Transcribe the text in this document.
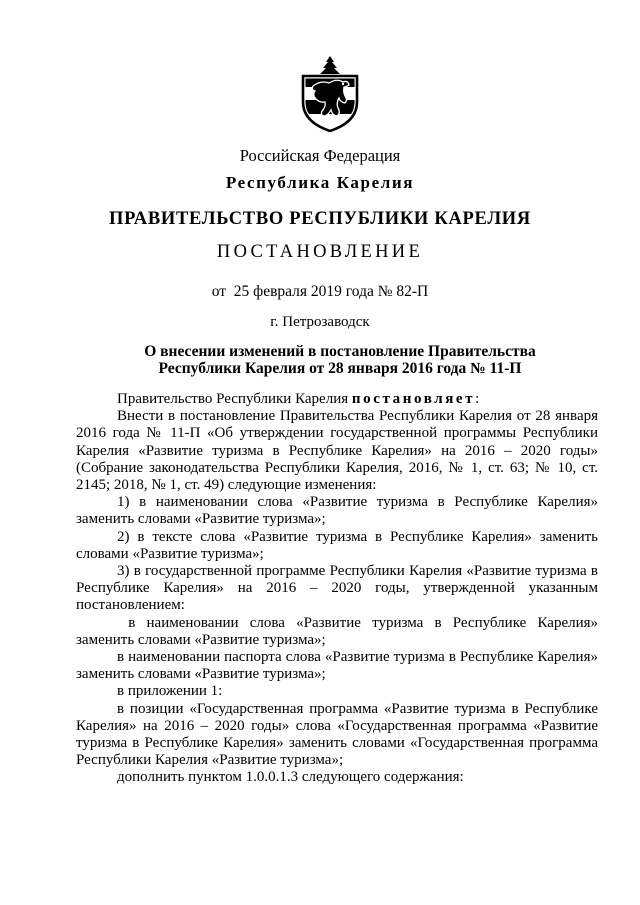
Российская Федерация
Республика Карелия
ПРАВИТЕЛЬСТВО РЕСПУБЛИКИ КАРЕЛИЯ
ПОСТАНОВЛЕНИЕ
от  25 февраля 2019 года № 82-П
г. Петрозаводск
О внесении изменений в постановление Правительства
Республики Карелия от 28 января 2016 года № 11-П

Правительство Республики Карелия постановляет:

Внести в постановление Правительства Республики Карелия от 28 января 2016 года № 11-П «Об утверждении государственной программы Республики Карелия «Развитие туризма в Республике Карелия» на 2016 – 2020 годы» (Собрание законодательства Республики Карелия, 2016, № 1, ст. 63; № 10, ст. 2145; 2018, № 1, ст. 49) следующие изменения:

1) в наименовании слова «Развитие туризма в Республике Карелия» заменить словами «Развитие туризма»;

2) в тексте слова «Развитие туризма в Республике Карелия» заменить словами «Развитие туризма»;

3) в государственной программе Республики Карелия «Развитие туризма в Республике Карелия» на 2016 – 2020 годы, утвержденной указанным постановлением:

в наименовании слова «Развитие туризма в Республике Карелия» заменить словами «Развитие туризма»;

в наименовании паспорта слова «Развитие туризма в Республике Карелия» заменить словами «Развитие туризма»;

в приложении 1:

в позиции «Государственная программа «Развитие туризма в Республике Карелия» на 2016 – 2020 годы» слова «Государственная программа «Развитие туризма в Республике Карелия» заменить словами «Государственная программа Республики Карелия «Развитие туризма»;

дополнить пунктом 1.0.0.1.3 следующего содержания:
